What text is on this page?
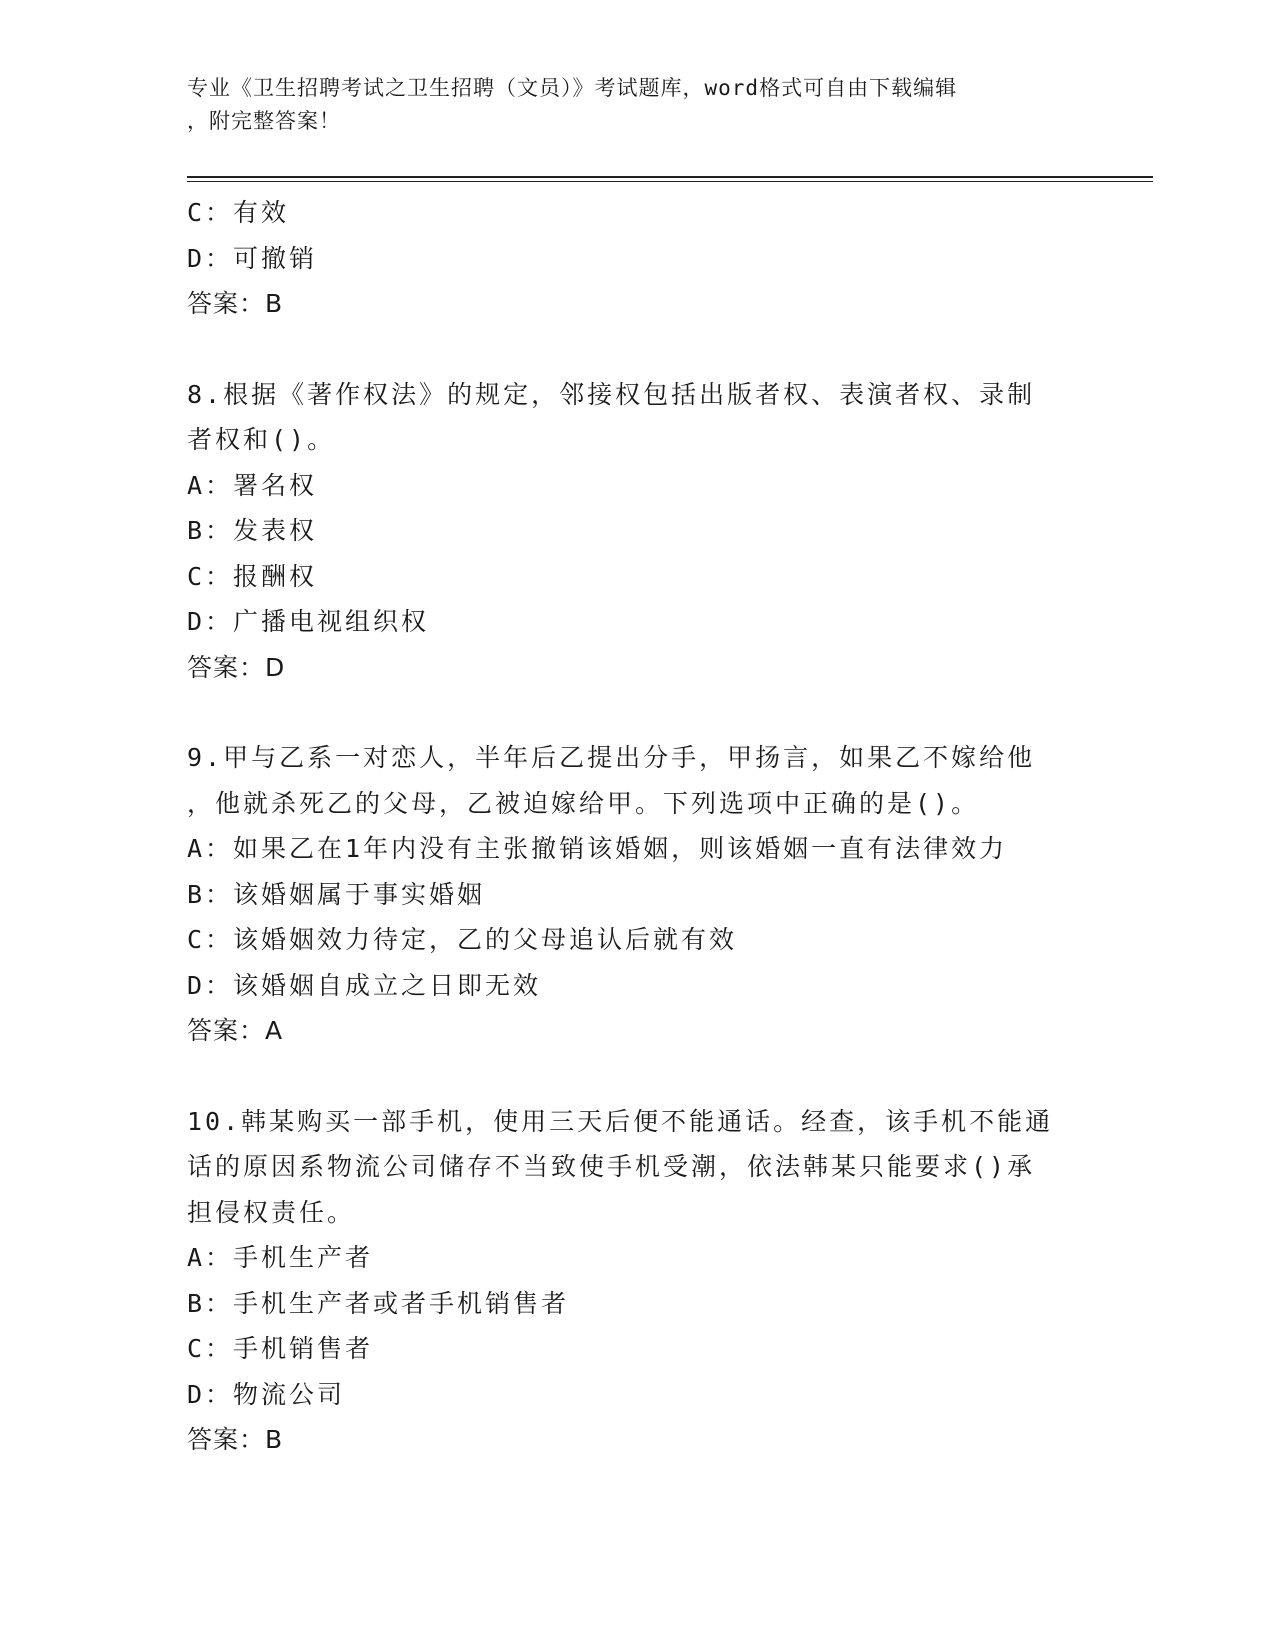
专业《卫生招聘考试之卫生招聘（文员）》考试题库，word格式可自由下载编辑
，附完整答案！
C：有效
D：可撤销
答案：B
8.根据《著作权法》的规定，邻接权包括出版者权、表演者权、录制
者权和()。
A：署名权
B：发表权
C：报酬权
D：广播电视组织权
答案：D
9.甲与乙系一对恋人，半年后乙提出分手，甲扬言，如果乙不嫁给他
，他就杀死乙的父母，乙被迫嫁给甲。下列选项中正确的是()。
A：如果乙在1年内没有主张撤销该婚姻，则该婚姻一直有法律效力
B：该婚姻属于事实婚姻
C：该婚姻效力待定，乙的父母追认后就有效
D：该婚姻自成立之日即无效
答案：A
10.韩某购买一部手机，使用三天后便不能通话。经查，该手机不能通
话的原因系物流公司储存不当致使手机受潮，依法韩某只能要求()承
担侵权责任。
A：手机生产者
B：手机生产者或者手机销售者
C：手机销售者
D：物流公司
答案：B
